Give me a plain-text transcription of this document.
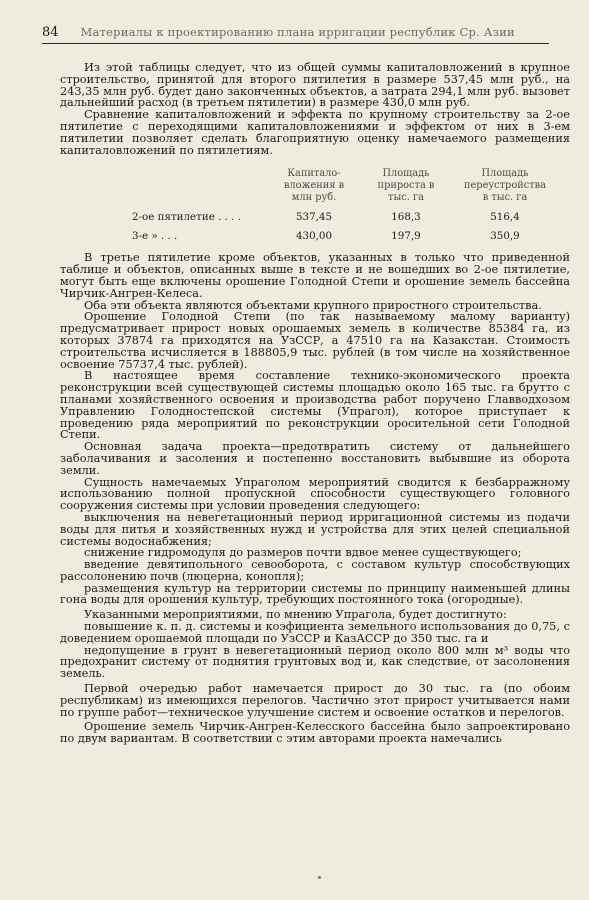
84 Материалы к проектированию плана ирригации республик Ср. Азии

Из этой таблицы следует, что из общей суммы капиталовложений в крупное строительство, принятой для второго пятилетия в размере 537,45 млн руб., на 243,35 млн руб. будет дано законченных объектов, а затрата 294,1 млн руб. вызовет дальнейший расход (в третьем пятилетии) в размере 430,0 млн руб.

Сравнение капиталовложений и эффекта по крупному строительству за 2-ое пятилетие с переходящими капиталовложениями и эффектом от них в 3-ем пятилетии позволяет сделать благоприятную оценку намечаемого размещения капиталовложений по пятилетиям.

	Капитало-вложения в млн руб.	Площадь прироста в тыс. га	Площадь переустройства в тыс. га
2-ое пятилетие . . . .	537,45	168,3	516,4
3-е » . . .	430,00	197,9	350,9

В третье пятилетие кроме объектов, указанных в только что приведенной таблице и объектов, описанных выше в тексте и не вошедших во 2-ое пятилетие, могут быть еще включены орошение Голодной Степи и орошение земель бассейна Чирчик-Ангрен-Келеса.

Оба эти объекта являются объектами крупного приростного строительства.

Орошение Голодной Степи (по так называемому малому варианту) предусматривает прирост новых орошаемых земель в количестве 85384 га, из которых 37874 га приходятся на УзССР, а 47510 га на Казакстан. Стоимость строительства исчисляется в 188805,9 тыс. рублей (в том числе на хозяйственное освоение 75737,4 тыс. рублей).

В настоящее время составление технико-экономического проекта реконструкции всей существующей системы площадью около 165 тыс. га брутто с планами хозяйственного освоения и производства работ поручено Главводхозом Управлению Голодностепской системы (Упрагол), которое приступает к проведению ряда мероприятий по реконструкции оросительной сети Голодной Степи.

Основная задача проекта—предотвратить систему от дальнейшего заболачивания и засоления и постепенно восстановить выбывшие из оборота земли.

Сущность намечаемых Упраголом мероприятий сводится к безбарражному использованию полной пропускной способности существующего головного сооружения системы при условии проведения следующего:

выключения на невегетационный период ирригационной системы из подачи воды для питья и хозяйственных нужд и устройства для этих целей специальной системы водоснабжения;

снижение гидромодуля до размеров почти вдвое менее существующего;

введение девятипольного севооборота, с составом культур способствующих рассолонению почв (люцерна, конопля);

размещения культур на территории системы по принципу наименьшей длины гона воды для орошения культур, требующих постоянного тока (огородные).

Указанными мероприятиями, по мнению Упрагола, будет достигнуто:

повышение к. п. д. системы и коэфициента земельного использования до 0,75, с доведением орошаемой площади по УзССР и КазАССР до 350 тыс. га и

недопущение в грунт в невегетационный период около 800 млн м³ воды что предохранит систему от поднятия грунтовых вод и, как следствие, от засолонения земель.

Первой очередью работ намечается прирост до 30 тыс. га (по обоим республикам) из имеющихся перелогов. Частично этот прирост учитывается нами по группе работ—техническое улучшение систем и освоение остатков и перелогов.

Орошение земель Чирчик-Ангрен-Келесского бассейна было запроектировано по двум вариантам. В соответствии с этим авторами проекта намечались
